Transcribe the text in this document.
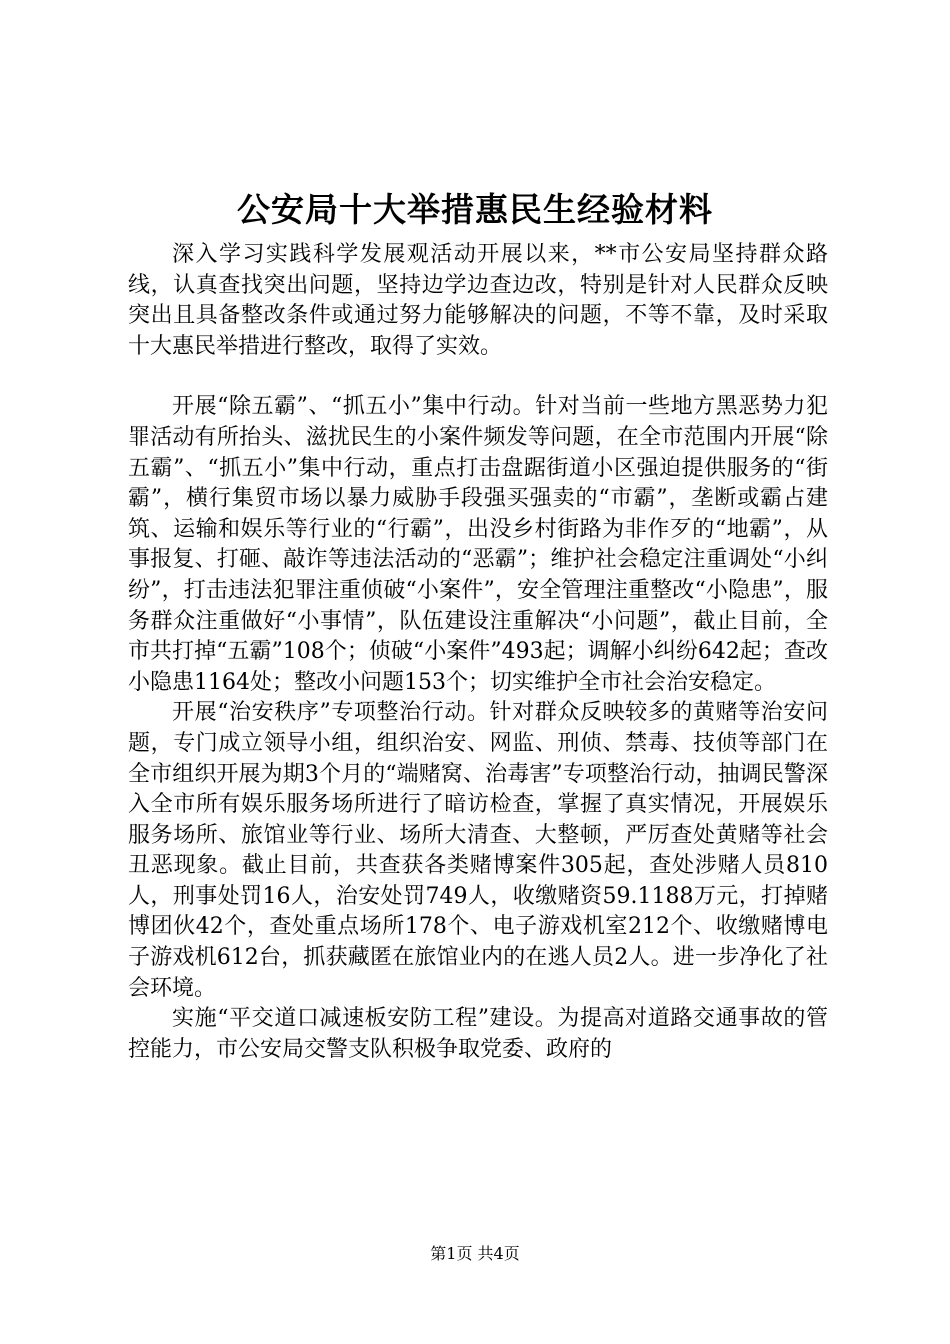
公安局十大举措惠民生经验材料

深入学习实践科学发展观活动开展以来，**市公安局坚持群众路线，认真查找突出问题，坚持边学边查边改，特别是针对人民群众反映突出且具备整改条件或通过努力能够解决的问题，不等不靠，及时采取十大惠民举措进行整改，取得了实效。

开展“除五霸”、“抓五小”集中行动。针对当前一些地方黑恶势力犯罪活动有所抬头、滋扰民生的小案件频发等问题，在全市范围内开展“除五霸”、“抓五小”集中行动，重点打击盘踞街道小区强迫提供服务的“街霸”，横行集贸市场以暴力威胁手段强买强卖的“市霸”，垄断或霸占建筑、运输和娱乐等行业的“行霸”，出没乡村街路为非作歹的“地霸”，从事报复、打砸、敲诈等违法活动的“恶霸”；维护社会稳定注重调处“小纠纷”，打击违法犯罪注重侦破“小案件”，安全管理注重整改“小隐患”，服务群众注重做好“小事情”，队伍建设注重解决“小问题”，截止目前，全市共打掉“五霸”108个；侦破“小案件”493起；调解小纠纷642起；查改小隐患1164处；整改小问题153个；切实维护全市社会治安稳定。

开展“治安秩序”专项整治行动。针对群众反映较多的黄赌等治安问题，专门成立领导小组，组织治安、网监、刑侦、禁毒、技侦等部门在全市组织开展为期3个月的“端赌窝、治毒害”专项整治行动，抽调民警深入全市所有娱乐服务场所进行了暗访检查，掌握了真实情况，开展娱乐服务场所、旅馆业等行业、场所大清查、大整顿，严厉查处黄赌等社会丑恶现象。截止目前，共查获各类赌博案件305起，查处涉赌人员810人，刑事处罚16人，治安处罚749人，收缴赌资59.1188万元，打掉赌博团伙42个，查处重点场所178个、电子游戏机室212个、收缴赌博电子游戏机612台，抓获藏匿在旅馆业内的在逃人员2人。进一步净化了社会环境。

实施“平交道口减速板安防工程”建设。为提高对道路交通事故的管控能力，市公安局交警支队积极争取党委、政府的

第1页 共4页
